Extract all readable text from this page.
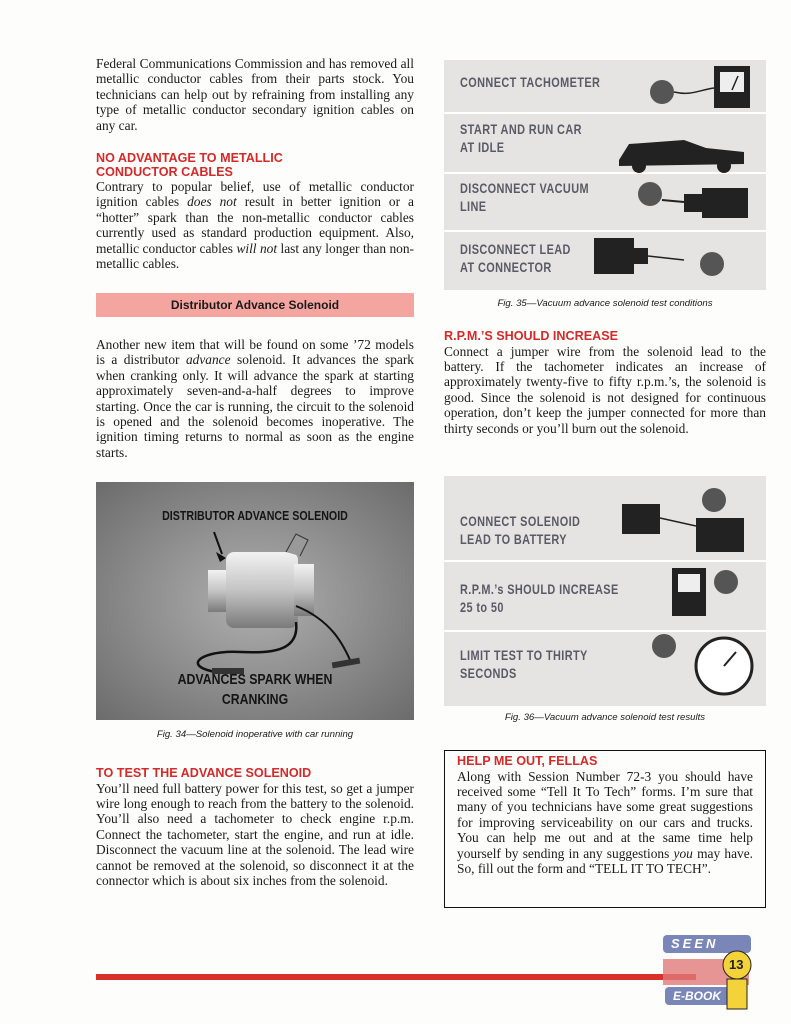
Federal Communications Commission and has removed all metallic conductor cables from their parts stock. You technicians can help out by refraining from installing any type of metallic conductor secondary ignition cables on any car.

NO ADVANTAGE TO METALLIC
CONDUCTOR CABLES

Contrary to popular belief, use of metallic conductor ignition cables does not result in better ignition or a “hotter” spark than the non-metallic conductor cables currently used as standard production equipment. Also, metallic conductor cables will not last any longer than non-metallic cables.

Distributor Advance Solenoid

Another new item that will be found on some ’72 models is a distributor advance solenoid. It advances the spark when cranking only. It will advance the spark at starting approximately seven-and-a-half degrees to improve starting. Once the car is running, the circuit to the solenoid is opened and the solenoid becomes inoperative. The ignition timing returns to normal as soon as the engine starts.

DISTRIBUTOR ADVANCE SOLENOID
ADVANCES SPARK WHEN
CRANKING
Fig. 34—Solenoid inoperative with car running
TO TEST THE ADVANCE SOLENOID

You’ll need full battery power for this test, so get a jumper wire long enough to reach from the battery to the solenoid. You’ll also need a tachometer to check engine r.p.m. Connect the tachometer, start the engine, and run at idle. Disconnect the vacuum line at the solenoid. The lead wire cannot be removed at the solenoid, so disconnect it at the connector which is about six inches from the solenoid.

CONNECT TACHOMETER
START AND RUN CAR
AT IDLE
DISCONNECT VACUUM
LINE
DISCONNECT LEAD
AT CONNECTOR
Fig. 35—Vacuum advance solenoid test conditions
R.P.M.’S SHOULD INCREASE

Connect a jumper wire from the solenoid lead to the battery. If the tachometer indicates an increase of approximately twenty-five to fifty r.p.m.’s, the solenoid is good. Since the solenoid is not designed for continuous operation, don’t keep the jumper connected for more than thirty seconds or you’ll burn out the solenoid.

CONNECT SOLENOID
LEAD TO BATTERY
R.P.M.’s SHOULD INCREASE
25 to 50
LIMIT TEST TO THIRTY
SECONDS
Fig. 36—Vacuum advance solenoid test results
HELP ME OUT, FELLAS

Along with Session Number 72-3 you should have received some “Tell It To Tech” forms. I’m sure that many of you technicians have some great suggestions for improving serviceability on our cars and trucks. You can help me out and at the same time help yourself by sending in any suggestions you may have. So, fill out the form and “TELL IT TO TECH”.

SEEN
13
E-BOOK
